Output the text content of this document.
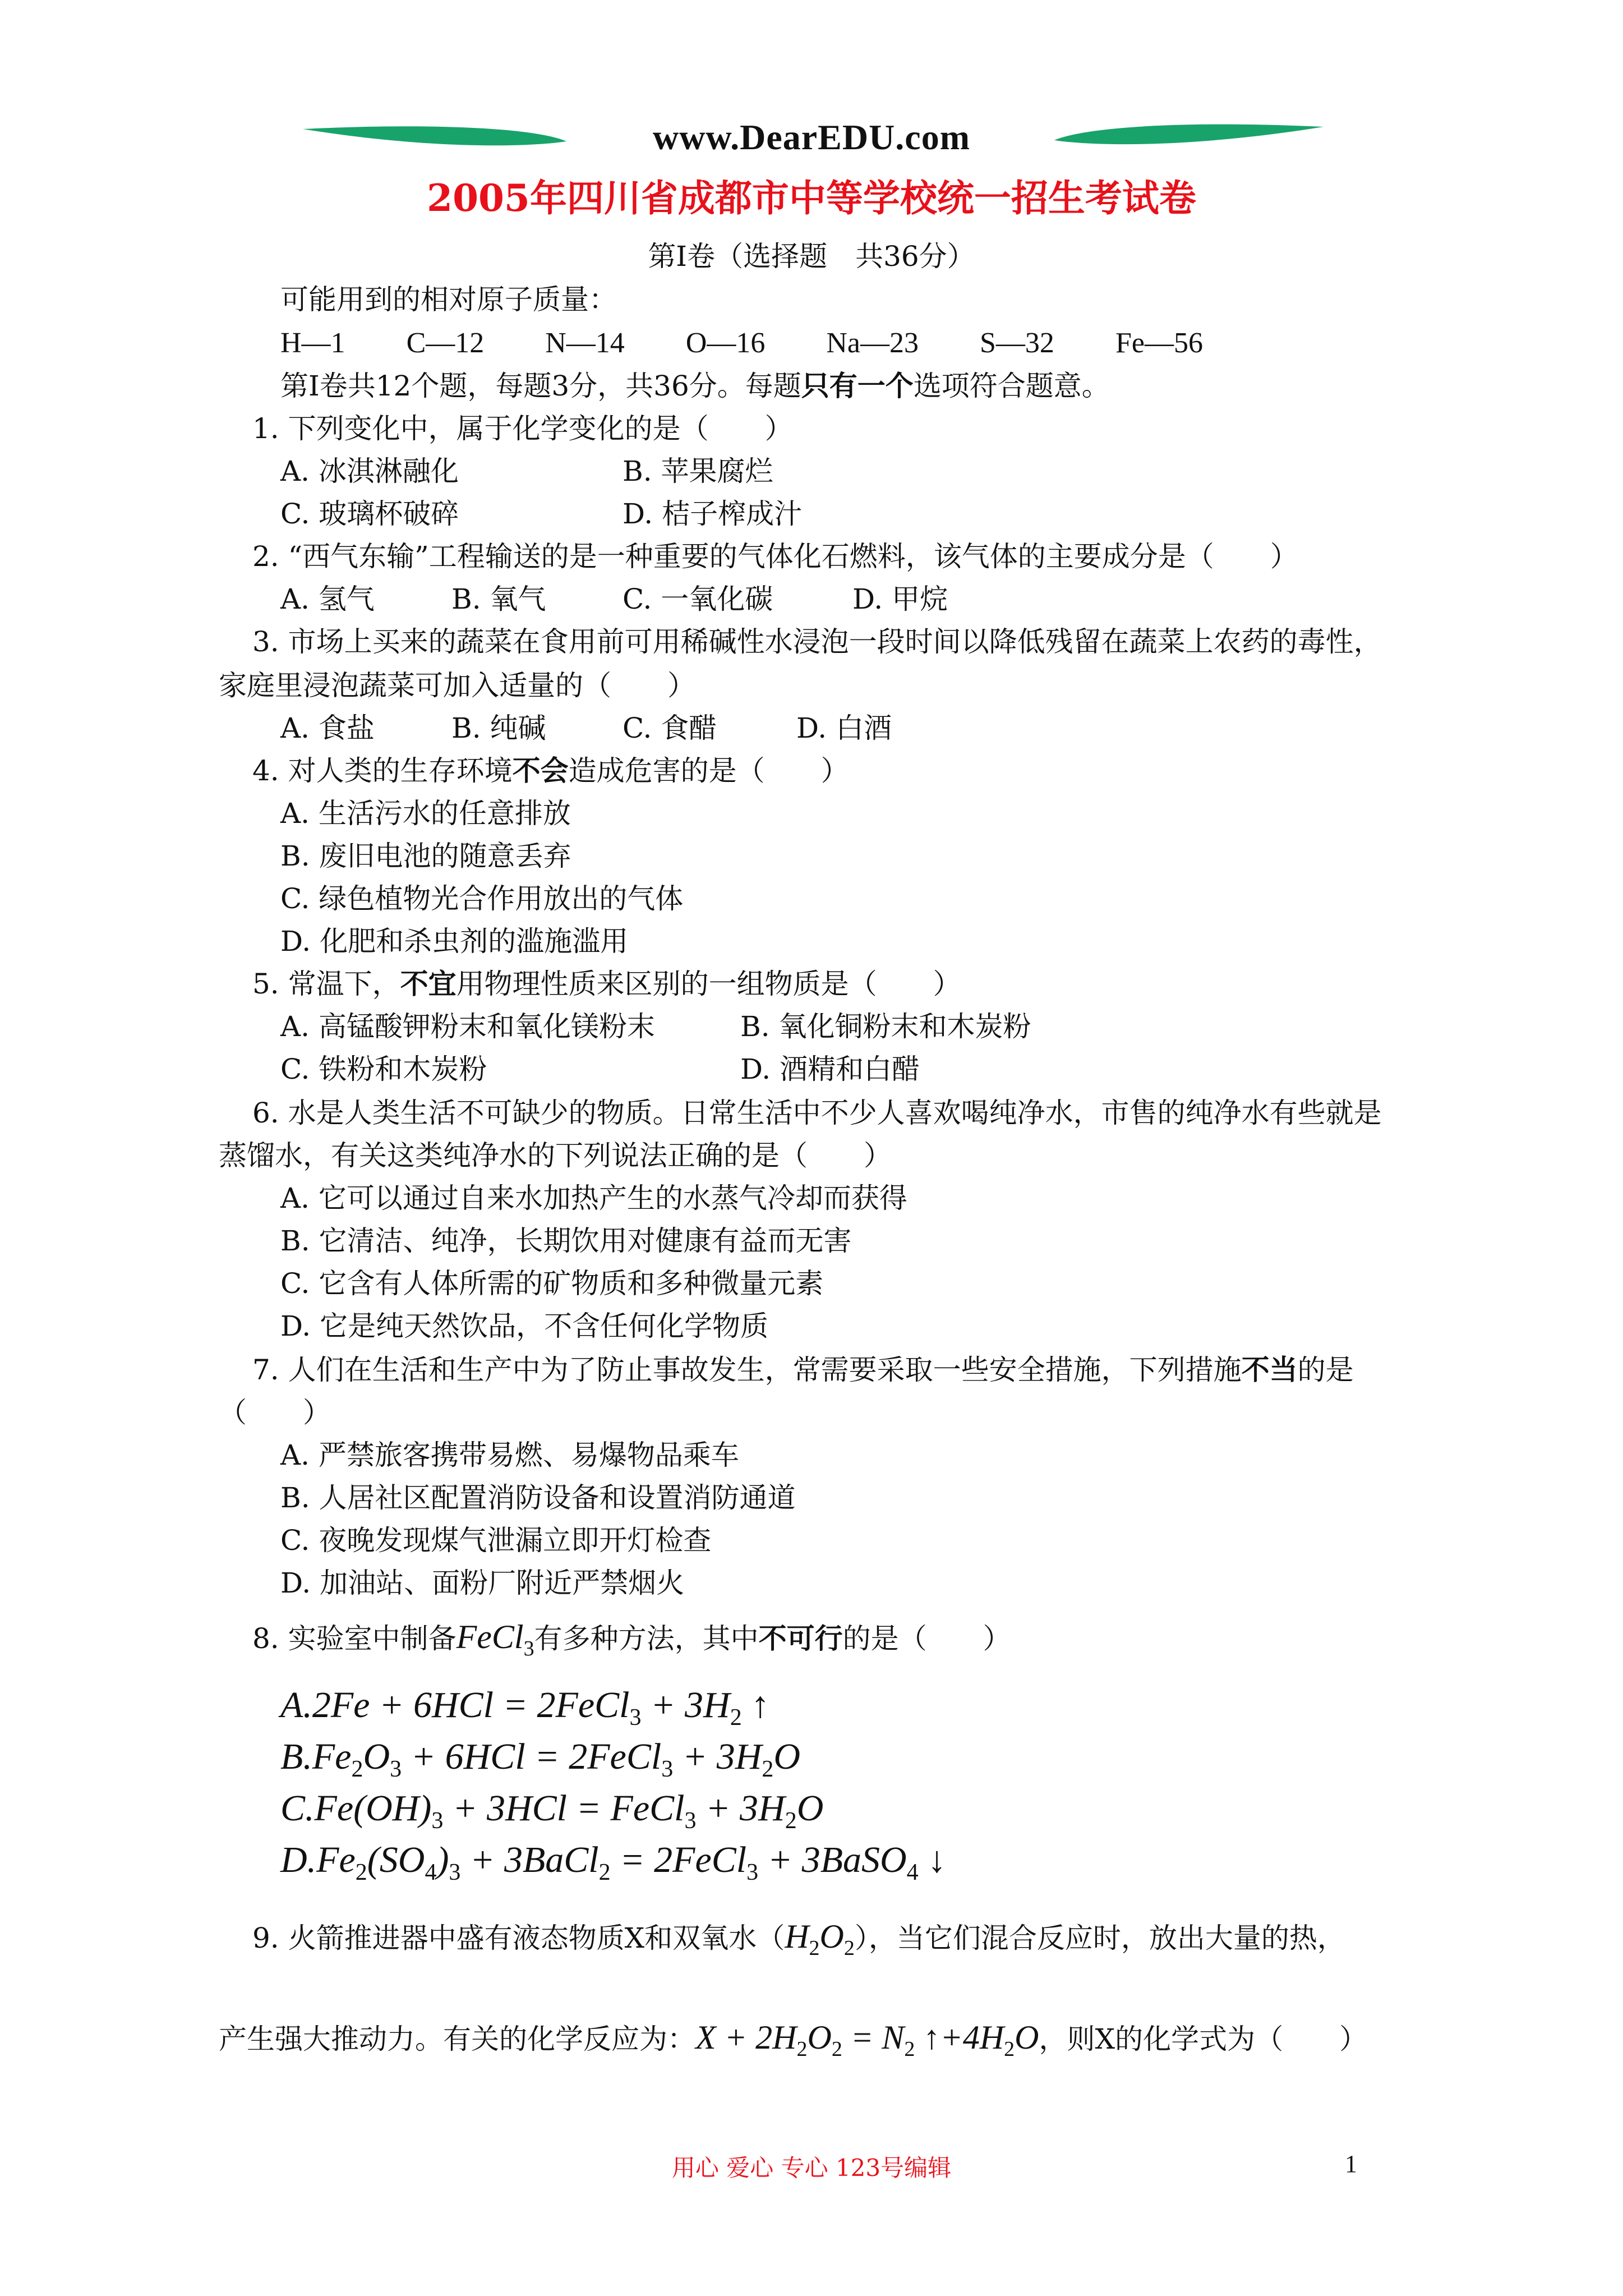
www.DearEDU.com
2005年四川省成都市中等学校统一招生考试卷
第I卷（选择题　共36分）
可能用到的相对原子质量：
H—1 C—12 N—14 O—16 Na—23 S—32 Fe—56
第I卷共12个题，每题3分，共36分。每题只有一个选项符合题意。
1. 下列变化中，属于化学变化的是（　　）
A. 冰淇淋融化	B. 苹果腐烂
C. 玻璃杯破碎	D. 桔子榨成汁
2. “西气东输”工程输送的是一种重要的气体化石燃料，该气体的主要成分是（　　）
A. 氢气	B. 氧气	C. 一氧化碳	D. 甲烷
3. 市场上买来的蔬菜在食用前可用稀碱性水浸泡一段时间以降低残留在蔬菜上农药的毒性，
家庭里浸泡蔬菜可加入适量的（　　）
A. 食盐	B. 纯碱	C. 食醋	D. 白酒
4. 对人类的生存环境不会造成危害的是（　　）
A. 生活污水的任意排放
B. 废旧电池的随意丢弃
C. 绿色植物光合作用放出的气体
D. 化肥和杀虫剂的滥施滥用
5. 常温下，不宜用物理性质来区别的一组物质是（　　）
A. 高锰酸钾粉末和氧化镁粉末	B. 氧化铜粉末和木炭粉
C. 铁粉和木炭粉	D. 酒精和白醋
6. 水是人类生活不可缺少的物质。日常生活中不少人喜欢喝纯净水，市售的纯净水有些就是
蒸馏水，有关这类纯净水的下列说法正确的是（　　）
A. 它可以通过自来水加热产生的水蒸气冷却而获得
B. 它清洁、纯净，长期饮用对健康有益而无害
C. 它含有人体所需的矿物质和多种微量元素
D. 它是纯天然饮品，不含任何化学物质
7. 人们在生活和生产中为了防止事故发生，常需要采取一些安全措施，下列措施不当的是
（　　）
A. 严禁旅客携带易燃、易爆物品乘车
B. 人居社区配置消防设备和设置消防通道
C. 夜晚发现煤气泄漏立即开灯检查
D. 加油站、面粉厂附近严禁烟火
8. 实验室中制备FeCl$_3$有多种方法，其中不可行的是（　　）
A.2Fe + 6HCl = 2FeCl$_3$ + $3H_2$ ↑
$B.Fe_2O_3 + 6HCl$ = 2FeCl$_3$ + $3H_2O$
$C.Fe(OH)_3 + 3HCl$ = FeCl$_3$ + $3H_2O$
$D.Fe_2(SO_4)_3$ + 3BaCl$_2$ = 2FeCl$_3$ + 3BaSO$_4$ ↓
9. 火箭推进器中盛有液态物质X和双氧水$(H_2O_2)$，当它们混合反应时，放出大量的热，
产生强大推动力。有关的化学反应为：$X + 2H_2O_2 = N_2$ $↑+4H_2O$，则X的化学式为（　　）
用心 爱心 专心 123号编辑	1
